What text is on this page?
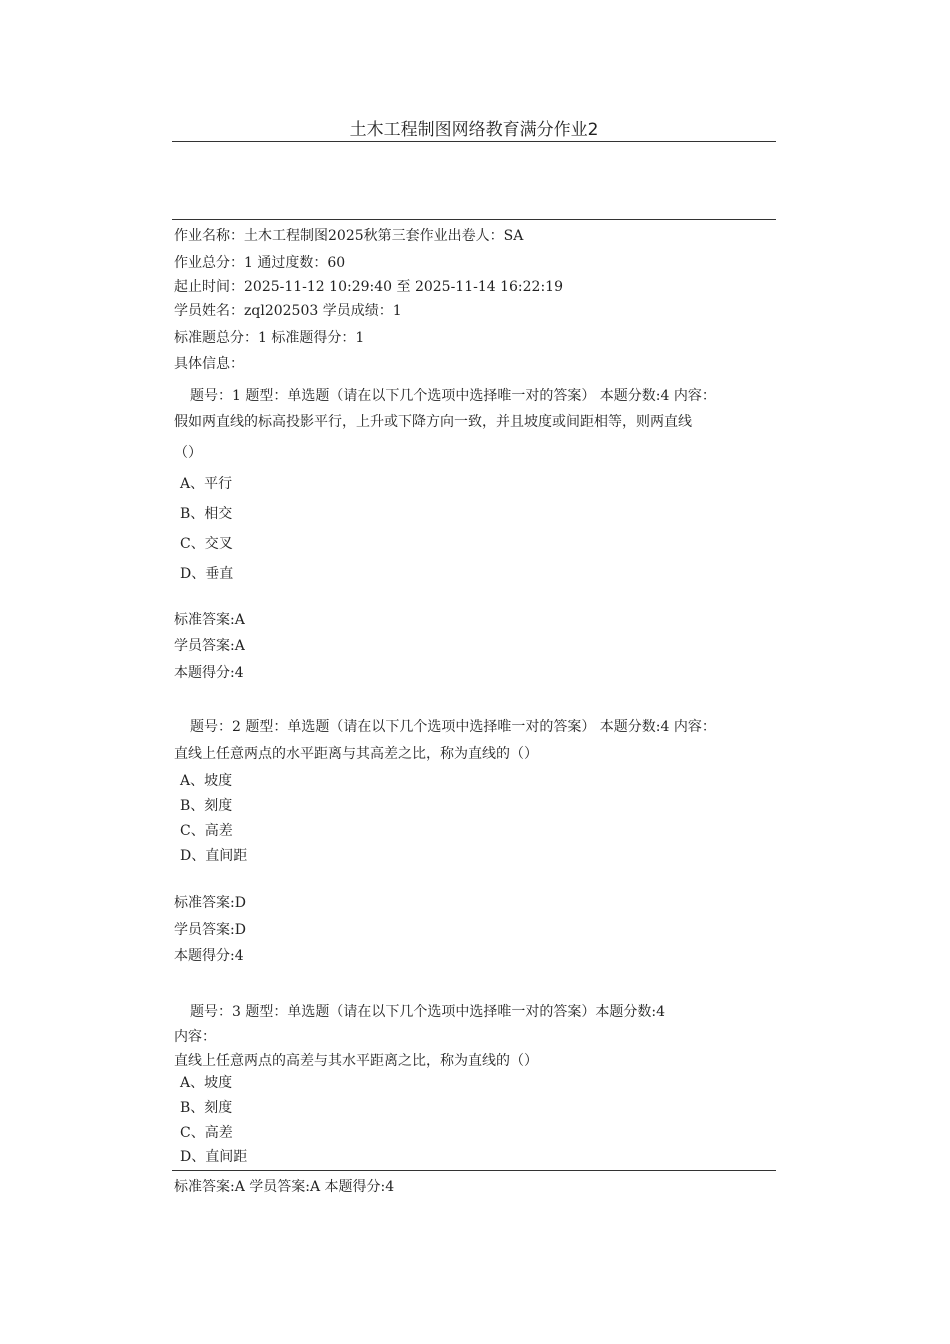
土木工程制图网络教育满分作业2
作业名称：土木工程制图2025秋第三套作业出卷人：SA
作业总分：1 通过度数：60
起止时间：2025-11-12 10:29:40 至 2025-11-14 16:22:19
学员姓名：zql202503 学员成绩：1
标准题总分：1 标准题得分：1
具体信息：
题号：1 题型：单选题（请在以下几个选项中选择唯一对的答案） 本题分数:4 内容：
假如两直线的标高投影平行，上升或下降方向一致，并且坡度或间距相等，则两直线
（）
A、平行
B、相交
C、交叉
D、垂直
标准答案:A
学员答案:A
本题得分:4
题号：2 题型：单选题（请在以下几个选项中选择唯一对的答案） 本题分数:4 内容：
直线上任意两点的水平距离与其高差之比，称为直线的（）
A、坡度
B、刻度
C、高差
D、直间距
标准答案:D
学员答案:D
本题得分:4
题号：3 题型：单选题（请在以下几个选项中选择唯一对的答案）本题分数:4
内容：
直线上任意两点的高差与其水平距离之比，称为直线的（）
A、坡度
B、刻度
C、高差
D、直间距
标准答案:A 学员答案:A 本题得分:4
